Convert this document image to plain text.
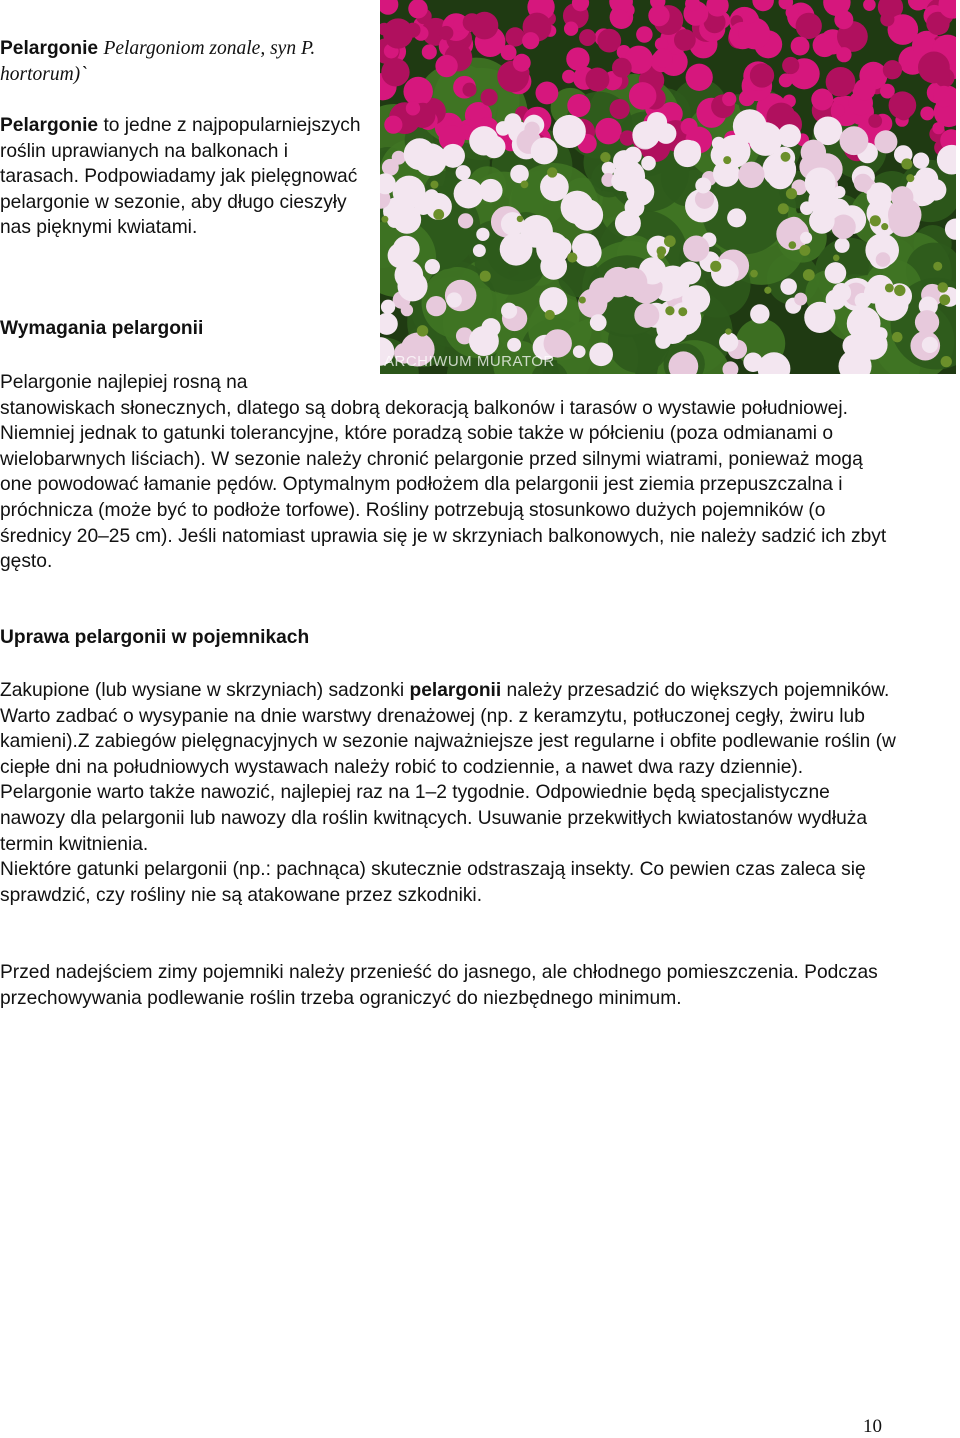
Pelargonie Pelargoniom zonale, syn P. hortorum)`
Pelargonie to jedne z najpopularniejszych roślin uprawianych na balkonach i tarasach. Podpowiadamy jak pielęgnować pelargonie w sezonie, aby długo cieszyły nas pięknymi kwiatami.
ARCHIWUM MURATOR
Wymagania pelargonii
Pelargonie najlepiej rosną na
stanowiskach słonecznych, dlatego są dobrą dekoracją balkonów i tarasów o wystawie południowej. Niemniej jednak to gatunki tolerancyjne, które poradzą sobie także w półcieniu (poza odmianami o wielobarwnych liściach). W sezonie należy chronić pelargonie przed silnymi wiatrami, ponieważ mogą one powodować łamanie pędów. Optymalnym podłożem dla pelargonii jest ziemia przepuszczalna i próchnicza (może być to podłoże torfowe). Rośliny potrzebują stosunkowo dużych pojemników (o średnicy 20–25 cm). Jeśli natomiast uprawia się je w skrzyniach balkonowych, nie należy sadzić ich zbyt gęsto.
Uprawa pelargonii w pojemnikach
Zakupione (lub wysiane w skrzyniach) sadzonki pelargonii należy przesadzić do większych pojemników. Warto zadbać o wysypanie na dnie warstwy drenażowej (np. z keramzytu, potłuczonej cegły, żwiru lub kamieni).Z zabiegów pielęgnacyjnych w sezonie najważniejsze jest regularne i obfite podlewanie roślin (w ciepłe dni na południowych wystawach należy robić to codziennie, a nawet dwa razy dziennie). Pelargonie warto także nawozić, najlepiej raz na 1–2 tygodnie. Odpowiednie będą specjalistyczne nawozy dla pelargonii lub nawozy dla roślin kwitnących. Usuwanie przekwitłych kwiatostanów wydłuża termin kwitnienia.
Niektóre gatunki pelargonii (np.: pachnąca) skutecznie odstraszają insekty. Co pewien czas zaleca się sprawdzić, czy rośliny nie są atakowane przez szkodniki.
Przed nadejściem zimy pojemniki należy przenieść do jasnego, ale chłodnego pomieszczenia. Podczas przechowywania podlewanie roślin trzeba ograniczyć do niezbędnego minimum.
10
